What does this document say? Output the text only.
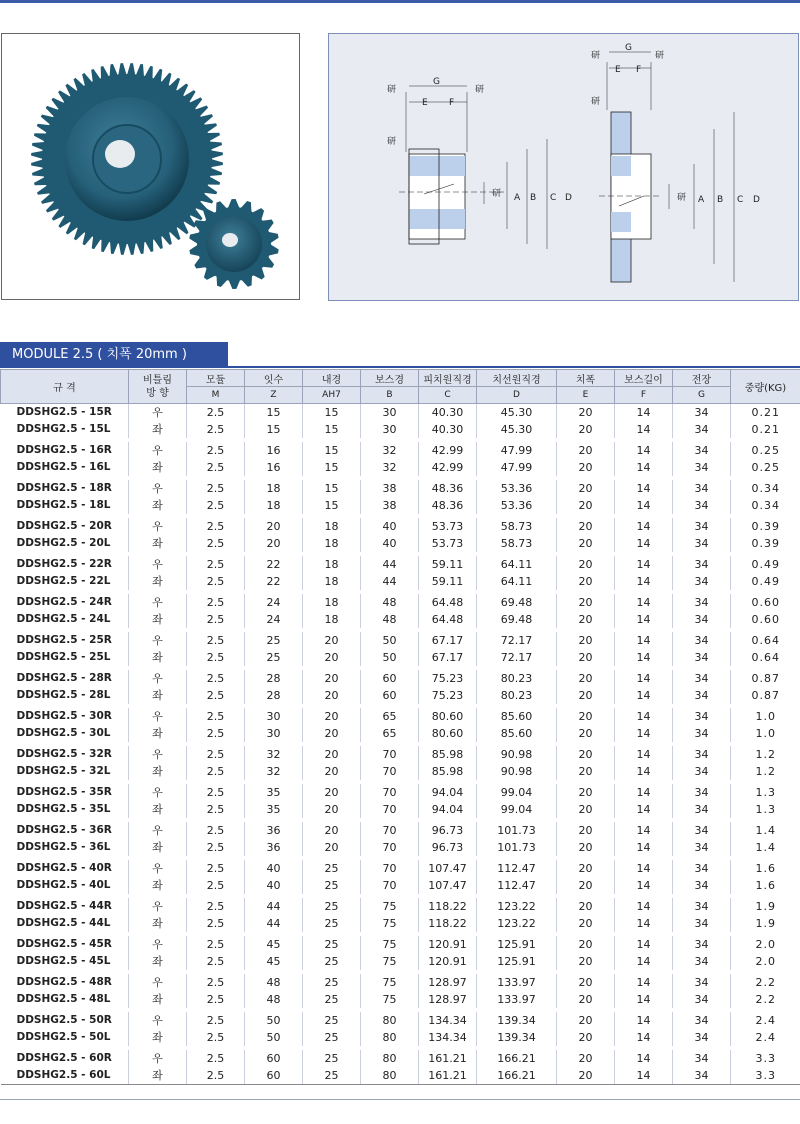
研	研
研
研
G
E F
A B C D
研	研
研
研
G
E F
A B C D
MODULE 2.5 ( 치폭 20mm )
규 격	비틀림
방 향	모듈	잇수	내경	보스경	피치원직경	치선원직경	치폭	보스길이	전장	중량(KG)
		M	Z	AH7	B	C	D	E	F	G	
DDSHG2.5 - 15R	우	2.5	15	15	30	40.30	45.30	20	14	34	0.21
DDSHG2.5 - 15L	좌	2.5	15	15	30	40.30	45.30	20	14	34	0.21

DDSHG2.5 - 16R	우	2.5	16	15	32	42.99	47.99	20	14	34	0.25
DDSHG2.5 - 16L	좌	2.5	16	15	32	42.99	47.99	20	14	34	0.25

DDSHG2.5 - 18R	우	2.5	18	15	38	48.36	53.36	20	14	34	0.34
DDSHG2.5 - 18L	좌	2.5	18	15	38	48.36	53.36	20	14	34	0.34

DDSHG2.5 - 20R	우	2.5	20	18	40	53.73	58.73	20	14	34	0.39
DDSHG2.5 - 20L	좌	2.5	20	18	40	53.73	58.73	20	14	34	0.39

DDSHG2.5 - 22R	우	2.5	22	18	44	59.11	64.11	20	14	34	0.49
DDSHG2.5 - 22L	좌	2.5	22	18	44	59.11	64.11	20	14	34	0.49

DDSHG2.5 - 24R	우	2.5	24	18	48	64.48	69.48	20	14	34	0.60
DDSHG2.5 - 24L	좌	2.5	24	18	48	64.48	69.48	20	14	34	0.60

DDSHG2.5 - 25R	우	2.5	25	20	50	67.17	72.17	20	14	34	0.64
DDSHG2.5 - 25L	좌	2.5	25	20	50	67.17	72.17	20	14	34	0.64

DDSHG2.5 - 28R	우	2.5	28	20	60	75.23	80.23	20	14	34	0.87
DDSHG2.5 - 28L	좌	2.5	28	20	60	75.23	80.23	20	14	34	0.87

DDSHG2.5 - 30R	우	2.5	30	20	65	80.60	85.60	20	14	34	1.0
DDSHG2.5 - 30L	좌	2.5	30	20	65	80.60	85.60	20	14	34	1.0

DDSHG2.5 - 32R	우	2.5	32	20	70	85.98	90.98	20	14	34	1.2
DDSHG2.5 - 32L	좌	2.5	32	20	70	85.98	90.98	20	14	34	1.2

DDSHG2.5 - 35R	우	2.5	35	20	70	94.04	99.04	20	14	34	1.3
DDSHG2.5 - 35L	좌	2.5	35	20	70	94.04	99.04	20	14	34	1.3

DDSHG2.5 - 36R	우	2.5	36	20	70	96.73	101.73	20	14	34	1.4
DDSHG2.5 - 36L	좌	2.5	36	20	70	96.73	101.73	20	14	34	1.4

DDSHG2.5 - 40R	우	2.5	40	25	70	107.47	112.47	20	14	34	1.6
DDSHG2.5 - 40L	좌	2.5	40	25	70	107.47	112.47	20	14	34	1.6

DDSHG2.5 - 44R	우	2.5	44	25	75	118.22	123.22	20	14	34	1.9
DDSHG2.5 - 44L	좌	2.5	44	25	75	118.22	123.22	20	14	34	1.9

DDSHG2.5 - 45R	우	2.5	45	25	75	120.91	125.91	20	14	34	2.0
DDSHG2.5 - 45L	좌	2.5	45	25	75	120.91	125.91	20	14	34	2.0

DDSHG2.5 - 48R	우	2.5	48	25	75	128.97	133.97	20	14	34	2.2
DDSHG2.5 - 48L	좌	2.5	48	25	75	128.97	133.97	20	14	34	2.2

DDSHG2.5 - 50R	우	2.5	50	25	80	134.34	139.34	20	14	34	2.4
DDSHG2.5 - 50L	좌	2.5	50	25	80	134.34	139.34	20	14	34	2.4

DDSHG2.5 - 60R	우	2.5	60	25	80	161.21	166.21	20	14	34	3.3
DDSHG2.5 - 60L	좌	2.5	60	25	80	161.21	166.21	20	14	34	3.3
